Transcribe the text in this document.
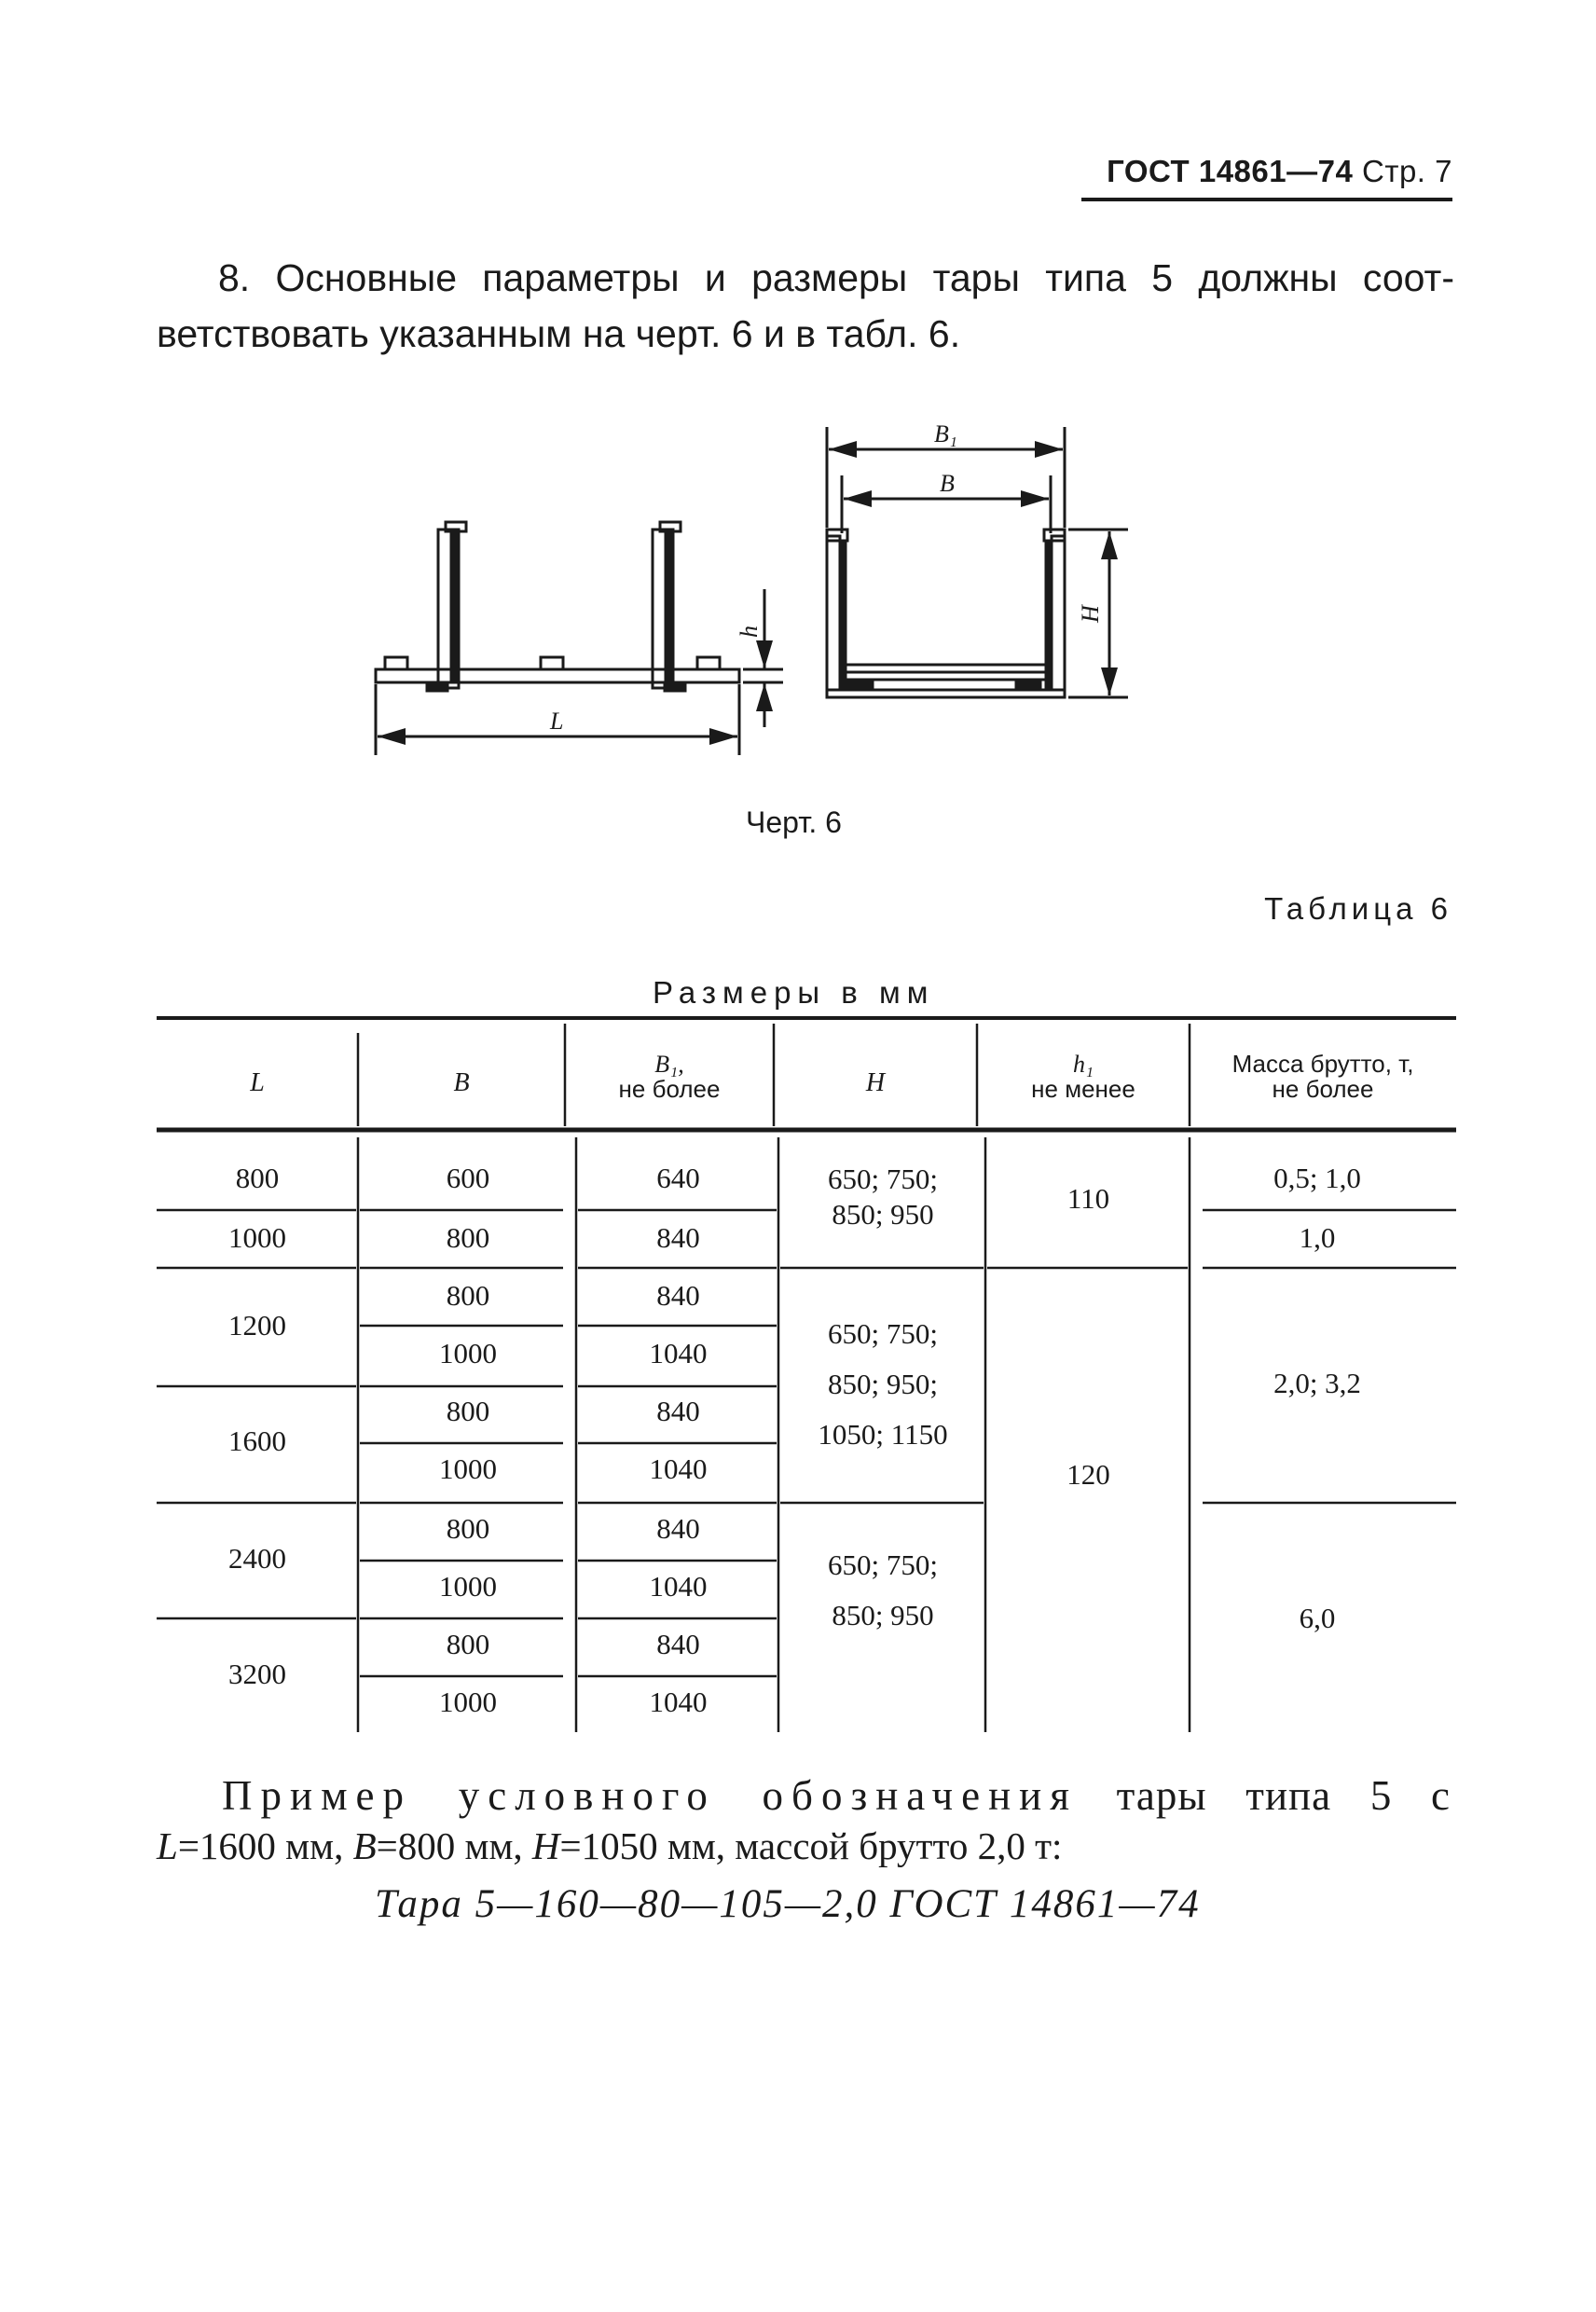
ГОСТ 14861—74 Стр. 7
8. Основные параметры и размеры тары типа 5 должны соот-
ветствовать указанным на черт. 6 и в табл. 6.
L
h
B₁
B
H
Черт. 6
Таблица 6
Размеры в мм
L	B
B₁,
не более	H
h₁
не менее
Масса брутто, т,
не более
800
1000
1200
1600
2400
3200
600
800
800
1000
800
1000
800
1000
800
1000
640
840
840
1040
840
1040
840
1040
840
1040
650; 750;
850; 950
650; 750;
850; 950;
1050; 1150
650; 750;
850; 950
110
120
0,5; 1,0
1,0
2,0; 3,2
6,0
Пример условного обозначения тары типа 5 с
L=1600 мм, B=800 мм, H=1050 мм, массой брутто 2,0 т:
Тара 5—160—80—105—2,0 ГОСТ 14861—74
